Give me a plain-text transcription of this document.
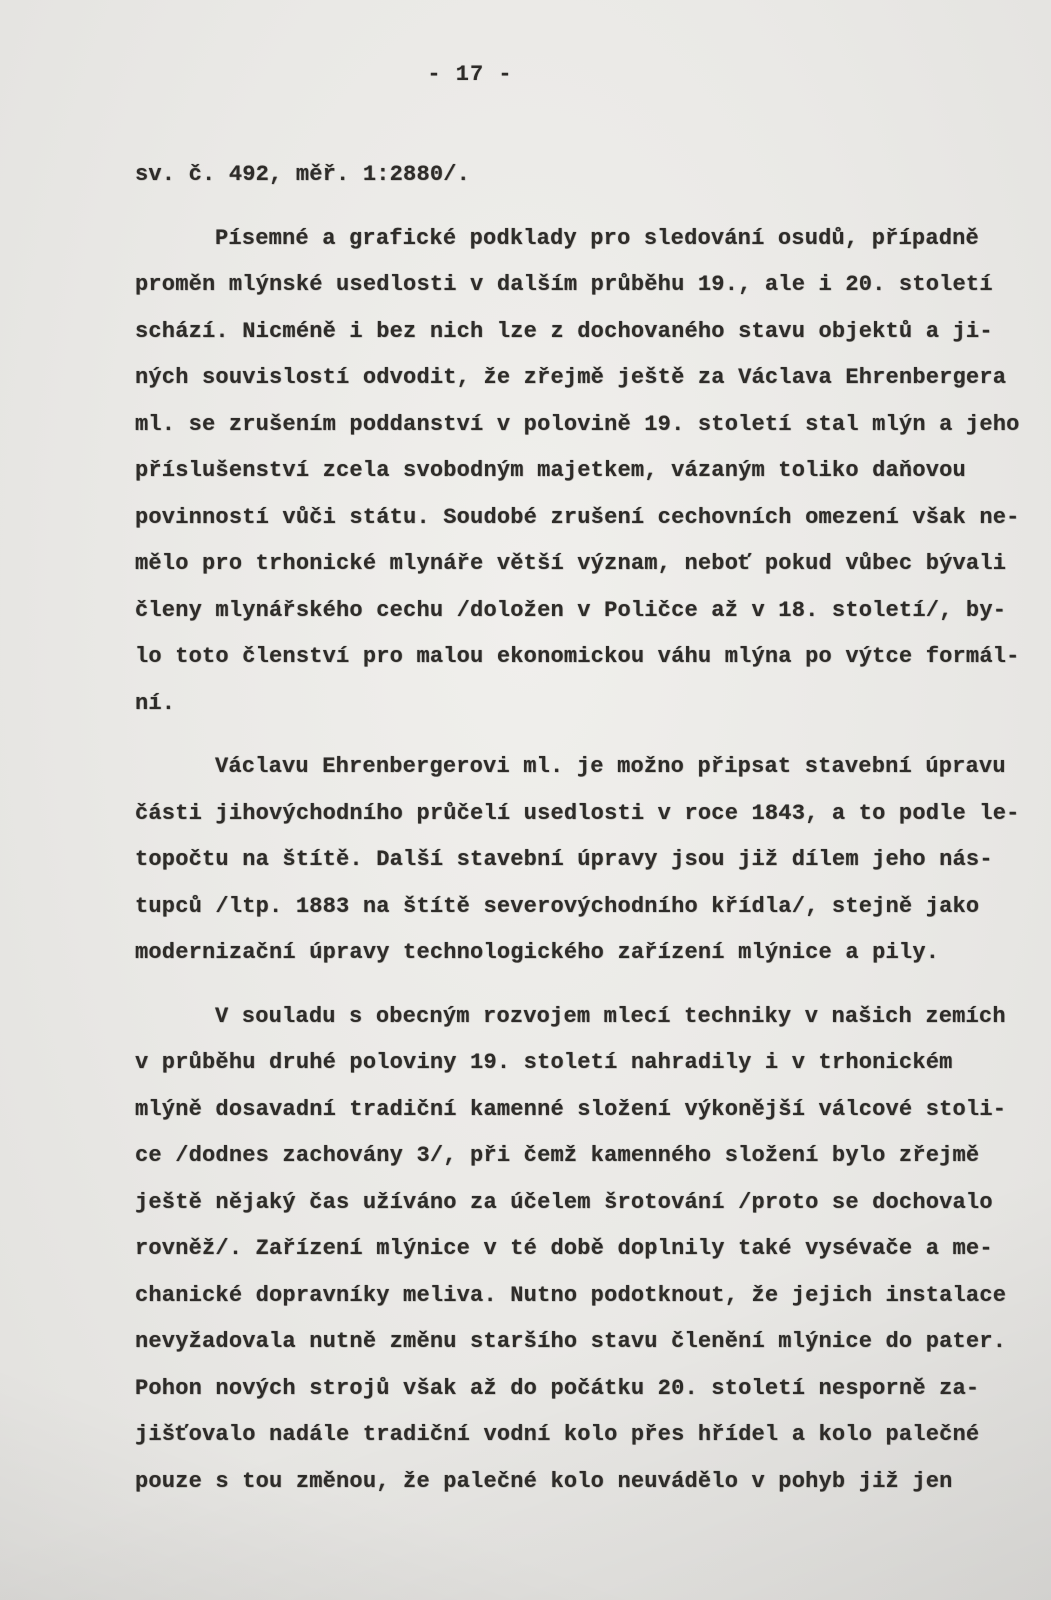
- 17 -
sv. č. 492, měř. 1:2880/.
Písemné a grafické podklady pro sledování osudů, případně
proměn mlýnské usedlosti v dalším průběhu 19., ale i 20. století
schází. Nicméně i bez nich lze z dochovaného stavu objektů a ji-
ných souvislostí odvodit, že zřejmě ještě za Václava Ehrenbergera
ml. se zrušením poddanství v polovině 19. století stal mlýn a jeho
příslušenství zcela svobodným majetkem, vázaným toliko daňovou
povinností vůči státu. Soudobé zrušení cechovních omezení však ne-
mělo pro trhonické mlynáře větší význam, neboť pokud vůbec bývali
členy mlynářského cechu /doložen v Poličce až v 18. století/, by-
lo toto členství pro malou ekonomickou váhu mlýna po výtce formál-
ní.
Václavu Ehrenbergerovi ml. je možno připsat stavební úpravu
části jihovýchodního průčelí usedlosti v roce 1843, a to podle le-
topočtu na štítě. Další stavební úpravy jsou již dílem jeho nás-
tupců /ltp. 1883 na štítě severovýchodního křídla/, stejně jako
modernizační úpravy technologického zařízení mlýnice a pily.
V souladu s obecným rozvojem mlecí techniky v našich zemích
v průběhu druhé poloviny 19. století nahradily i v trhonickém
mlýně dosavadní tradiční kamenné složení výkonější válcové stoli-
ce /dodnes zachovány 3/, při čemž kamenného složení bylo zřejmě
ještě nějaký čas užíváno za účelem šrotování /proto se dochovalo
rovněž/. Zařízení mlýnice v té době doplnily také vysévače a me-
chanické dopravníky meliva. Nutno podotknout, že jejich instalace
nevyžadovala nutně změnu staršího stavu členění mlýnice do pater.
Pohon nových strojů však až do počátku 20. století nesporně za-
jišťovalo nadále tradiční vodní kolo přes hřídel a kolo palečné
pouze s tou změnou, že palečné kolo neuvádělo v pohyb již jen
